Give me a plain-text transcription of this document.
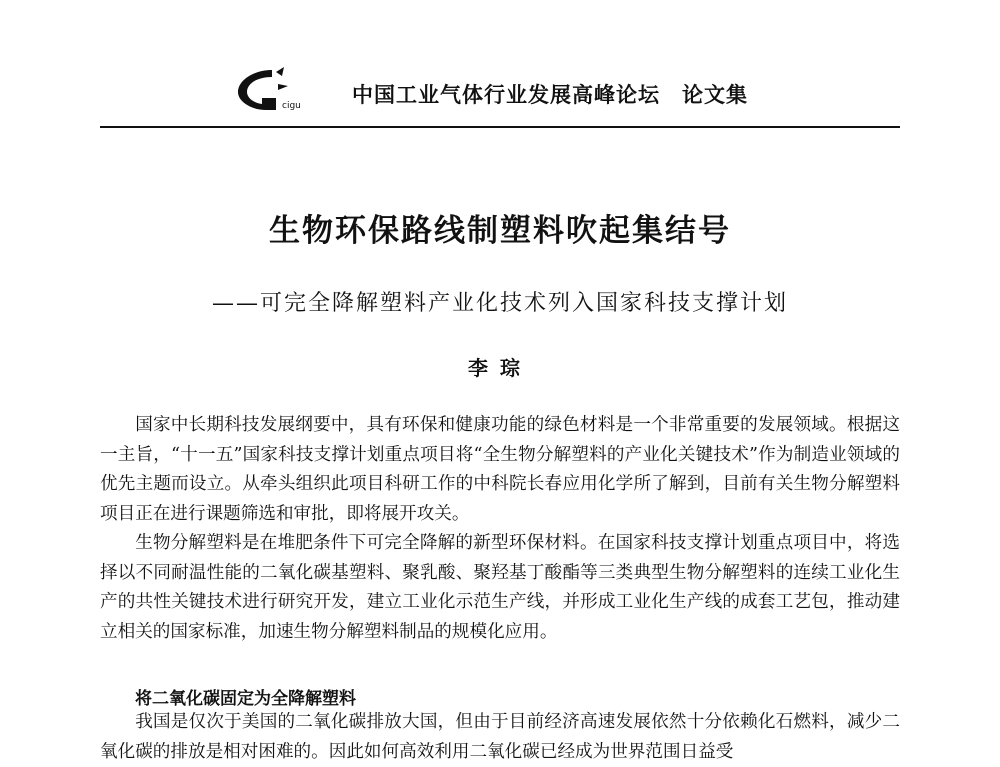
cigu 中国工业气体行业发展高峰论坛　论文集
生物环保路线制塑料吹起集结号
——可完全降解塑料产业化技术列入国家科技支撑计划
李琮

国家中长期科技发展纲要中，具有环保和健康功能的绿色材料是一个非常重要的发展领域。根据这一主旨，“十一五”国家科技支撑计划重点项目将“全生物分解塑料的产业化关键技术”作为制造业领域的优先主题而设立。从牵头组织此项目科研工作的中科院长春应用化学所了解到，目前有关生物分解塑料项目正在进行课题筛选和审批，即将展开攻关。

生物分解塑料是在堆肥条件下可完全降解的新型环保材料。在国家科技支撑计划重点项目中，将选择以不同耐温性能的二氧化碳基塑料、聚乳酸、聚羟基丁酸酯等三类典型生物分解塑料的连续工业化生产的共性关键技术进行研究开发，建立工业化示范生产线，并形成工业化生产线的成套工艺包，推动建立相关的国家标准，加速生物分解塑料制品的规模化应用。

将二氧化碳固定为全降解塑料

我国是仅次于美国的二氧化碳排放大国，但由于目前经济高速发展依然十分依赖化石燃料，减少二氧化碳的排放是相对困难的。因此如何高效利用二氧化碳已经成为世界范围日益受
